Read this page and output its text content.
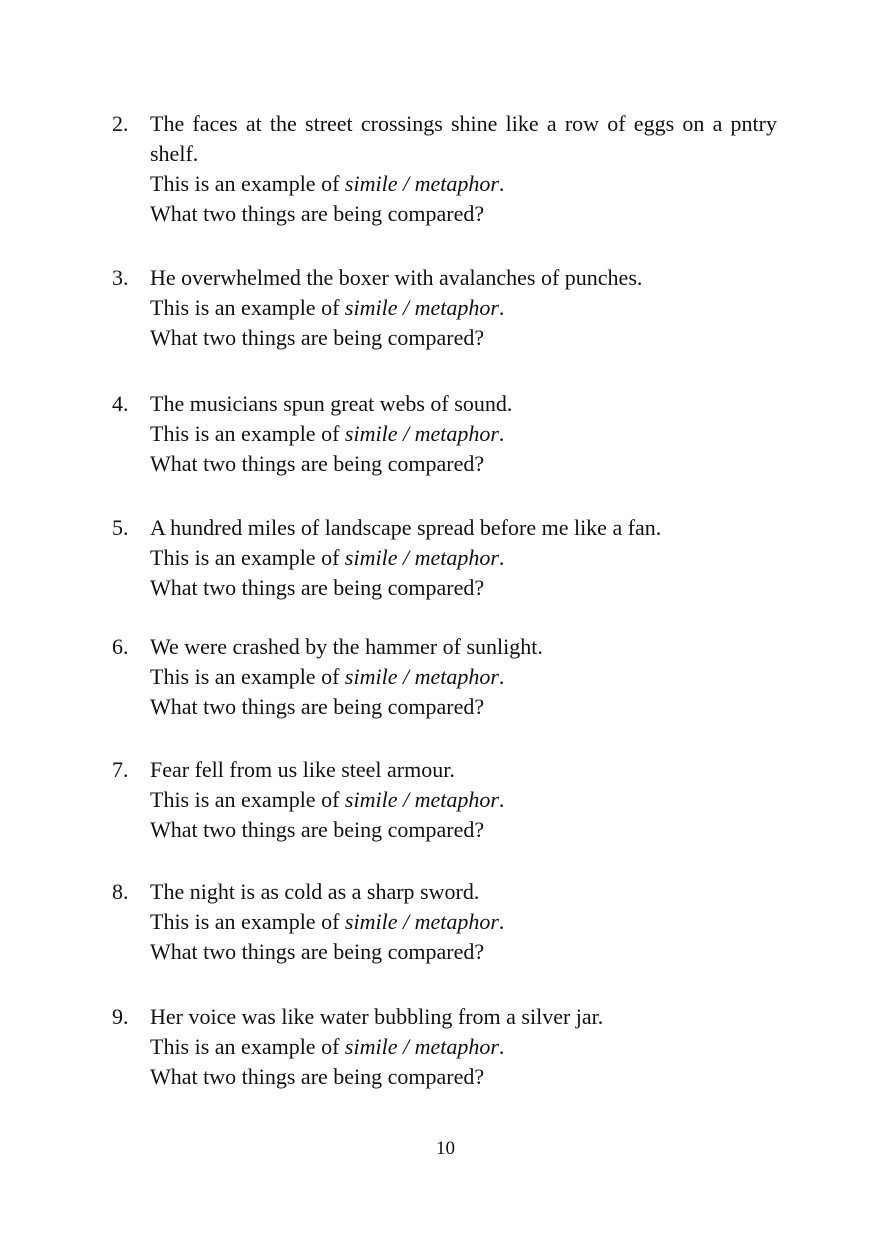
2. The faces at the street crossings shine like a row of eggs on a pntry shelf.
This is an example of simile / metaphor.
What two things are being compared?
3. He overwhelmed the boxer with avalanches of punches.
This is an example of simile / metaphor.
What two things are being compared?
4. The musicians spun great webs of sound.
This is an example of simile / metaphor.
What two things are being compared?
5. A hundred miles of landscape spread before me like a fan.
This is an example of simile / metaphor.
What two things are being compared?
6. We were crashed by the hammer of sunlight.
This is an example of simile / metaphor.
What two things are being compared?
7. Fear fell from us like steel armour.
This is an example of simile / metaphor.
What two things are being compared?
8. The night is as cold as a sharp sword.
This is an example of simile / metaphor.
What two things are being compared?
9. Her voice was like water bubbling from a silver jar.
This is an example of simile / metaphor.
What two things are being compared?
10
